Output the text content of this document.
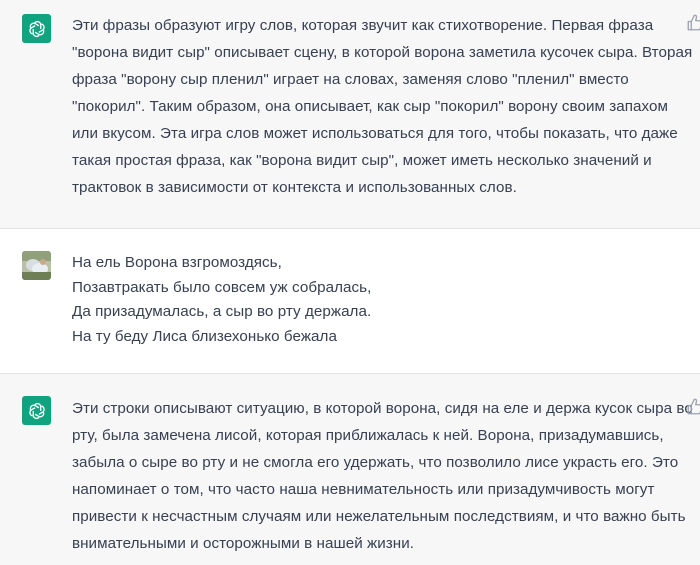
Эти фразы образуют игру слов, которая звучит как стихотворение. Первая фраза
"ворона видит сыр" описывает сцену, в которой ворона заметила кусочек сыра. Вторая
фраза "ворону сыр пленил" играет на словах, заменяя слово "пленил" вместо
"покорил". Таким образом, она описывает, как сыр "покорил" ворону своим запахом
или вкусом. Эта игра слов может использоваться для того, чтобы показать, что даже
такая простая фраза, как "ворона видит сыр", может иметь несколько значений и
трактовок в зависимости от контекста и использованных слов.
На ель Ворона взгромоздясь,
Позавтракать было совсем уж собралась,
Да призадумалась, а сыр во рту держала.
На ту беду Лиса близехонько бежала
Эти строки описывают ситуацию, в которой ворона, сидя на еле и держа кусок сыра во
рту, была замечена лисой, которая приближалась к ней. Ворона, призадумавшись,
забыла о сыре во рту и не смогла его удержать, что позволило лисе украсть его. Это
напоминает о том, что часто наша невнимательность или призадумчивость могут
привести к несчастным случаям или нежелательным последствиям, и что важно быть
внимательными и осторожными в нашей жизни.
